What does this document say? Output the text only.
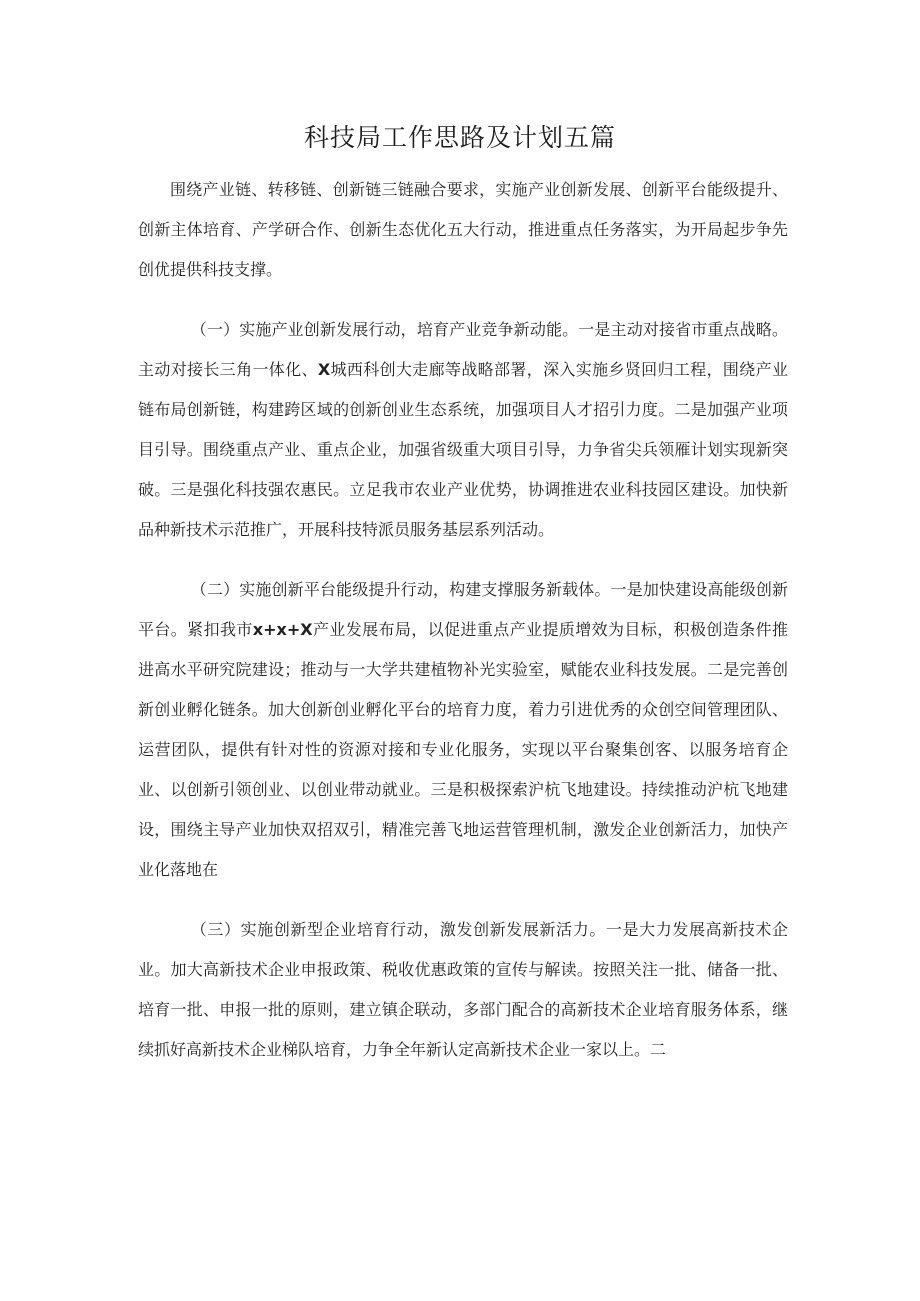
科技局工作思路及计划五篇

围绕产业链、转移链、创新链三链融合要求，实施产业创新发展、创新平台能级提升、创新主体培育、产学研合作、创新生态优化五大行动，推进重点任务落实，为开局起步争先创优提供科技支撑。

（一）实施产业创新发展行动，培育产业竞争新动能。一是主动对接省市重点战略。主动对接长三角一体化、X城西科创大走廊等战略部署，深入实施乡贤回归工程，围绕产业链布局创新链，构建跨区域的创新创业生态系统，加强项目人才招引力度。二是加强产业项目引导。围绕重点产业、重点企业，加强省级重大项目引导，力争省尖兵领雁计划实现新突破。三是强化科技强农惠民。立足我市农业产业优势，协调推进农业科技园区建设。加快新品种新技术示范推广，开展科技特派员服务基层系列活动。

（二）实施创新平台能级提升行动，构建支撑服务新载体。一是加快建设高能级创新平台。紧扣我市x+x+X产业发展布局，以促进重点产业提质增效为目标，积极创造条件推进高水平研究院建设；推动与一大学共建植物补光实验室，赋能农业科技发展。二是完善创新创业孵化链条。加大创新创业孵化平台的培育力度，着力引进优秀的众创空间管理团队、运营团队，提供有针对性的资源对接和专业化服务，实现以平台聚集创客、以服务培育企业、以创新引领创业、以创业带动就业。三是积极探索沪杭飞地建设。持续推动沪杭飞地建设，围绕主导产业加快双招双引，精准完善飞地运营管理机制，激发企业创新活力，加快产业化落地在

（三）实施创新型企业培育行动，激发创新发展新活力。一是大力发展高新技术企业。加大高新技术企业申报政策、税收优惠政策的宣传与解读。按照关注一批、储备一批、培育一批、申报一批的原则，建立镇企联动，多部门配合的高新技术企业培育服务体系，继续抓好高新技术企业梯队培育，力争全年新认定高新技术企业一家以上。二
